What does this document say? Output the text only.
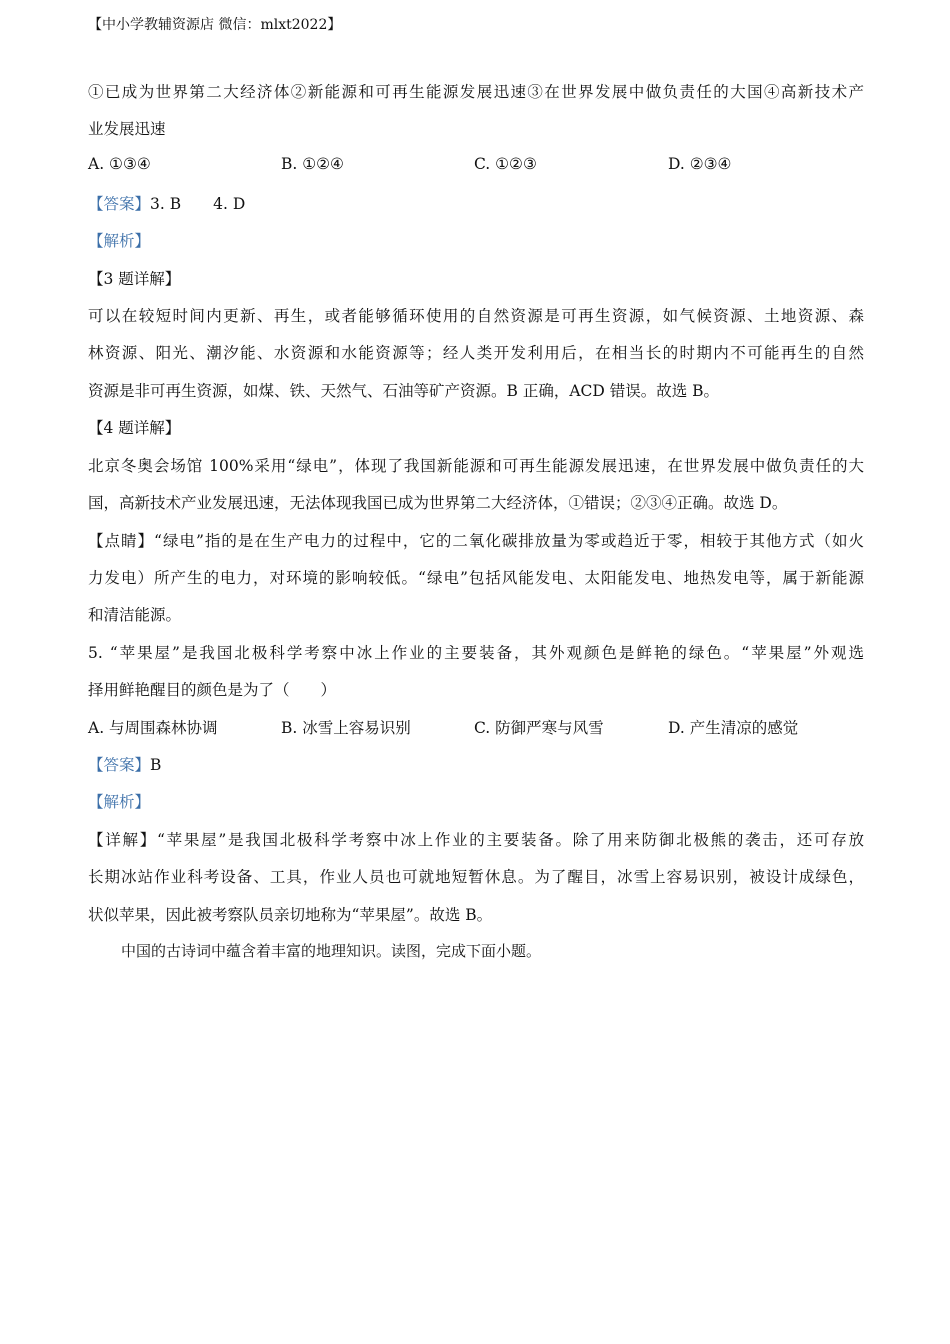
【中小学教辅资源店 微信：mlxt2022】
①已成为世界第二大经济体②新能源和可再生能源发展迅速③在世界发展中做负责任的大国④高新技术产
业发展迅速
A. ①③④	B. ①②④	C. ①②③	D. ②③④
【答案】3. B 4. D
【解析】
【3 题详解】
可以在较短时间内更新、再生，或者能够循环使用的自然资源是可再生资源，如气候资源、土地资源、森
林资源、阳光、潮汐能、水资源和水能资源等；经人类开发利用后，在相当长的时期内不可能再生的自然
资源是非可再生资源，如煤、铁、天然气、石油等矿产资源。B 正确，ACD 错误。故选 B。
【4 题详解】
北京冬奥会场馆 100%采用“绿电”，体现了我国新能源和可再生能源发展迅速，在世界发展中做负责任的大
国，高新技术产业发展迅速，无法体现我国已成为世界第二大经济体，①错误；②③④正确。故选 D。
【点睛】“绿电”指的是在生产电力的过程中，它的二氧化碳排放量为零或趋近于零，相较于其他方式（如火
力发电）所产生的电力，对环境的影响较低。“绿电”包括风能发电、太阳能发电、地热发电等，属于新能源
和清洁能源。
5. “苹果屋”是我国北极科学考察中冰上作业的主要装备，其外观颜色是鲜艳的绿色。“苹果屋”外观选
择用鲜艳醒目的颜色是为了（　　）
A. 与周围森林协调	B. 冰雪上容易识别	C. 防御严寒与风雪	D. 产生清凉的感觉
【答案】B
【解析】
【详解】“苹果屋”是我国北极科学考察中冰上作业的主要装备。除了用来防御北极熊的袭击，还可存放
长期冰站作业科考设备、工具，作业人员也可就地短暂休息。为了醒目，冰雪上容易识别，被设计成绿色，
状似苹果，因此被考察队员亲切地称为“苹果屋”。故选 B。
中国的古诗词中蕴含着丰富的地理知识。读图，完成下面小题。
